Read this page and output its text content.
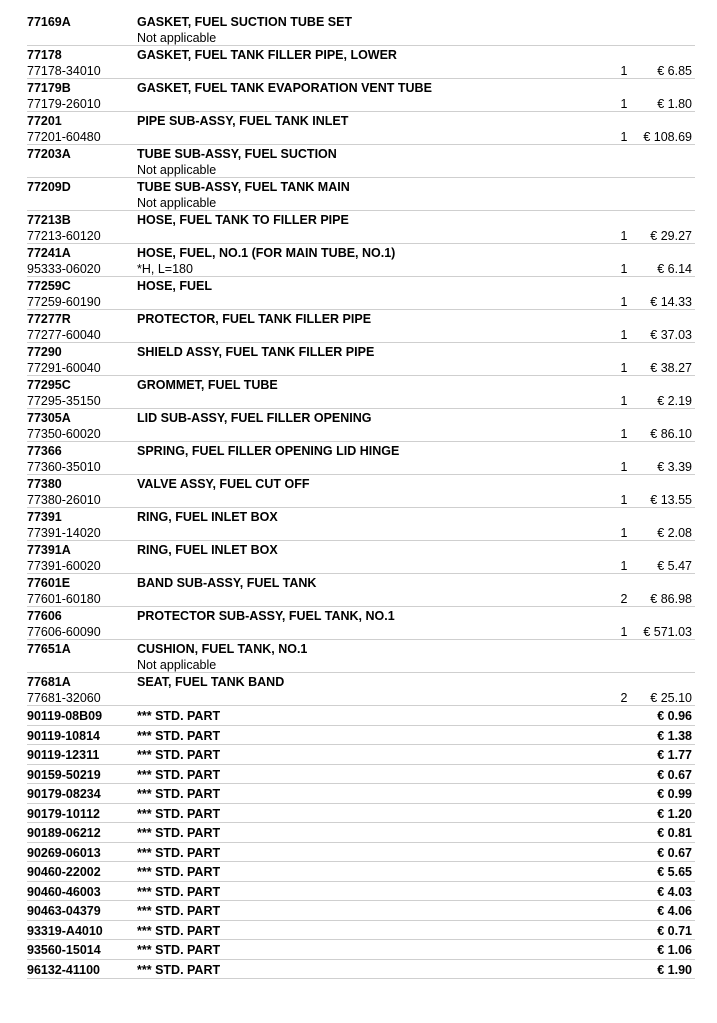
77169A	GASKET, FUEL SUCTION TUBE SET
Not applicable
77178	GASKET, FUEL TANK FILLER PIPE, LOWER
77178-34010	1 € 6.85
77179B	GASKET, FUEL TANK EVAPORATION VENT TUBE
77179-26010	1 € 1.80
77201	PIPE SUB-ASSY, FUEL TANK INLET
77201-60480	1 € 108.69
77203A	TUBE SUB-ASSY, FUEL SUCTION
Not applicable
77209D	TUBE SUB-ASSY, FUEL TANK MAIN
Not applicable
77213B	HOSE, FUEL TANK TO FILLER PIPE
77213-60120	1 € 29.27
77241A	HOSE, FUEL, NO.1 (FOR MAIN TUBE, NO.1)
95333-06020	*H, L=180	1 € 6.14
77259C	HOSE, FUEL
77259-60190	1 € 14.33
77277R	PROTECTOR, FUEL TANK FILLER PIPE
77277-60040	1 € 37.03
77290	SHIELD ASSY, FUEL TANK FILLER PIPE
77291-60040	1 € 38.27
77295C	GROMMET, FUEL TUBE
77295-35150	1 € 2.19
77305A	LID SUB-ASSY, FUEL FILLER OPENING
77350-60020	1 € 86.10
77366	SPRING, FUEL FILLER OPENING LID HINGE
77360-35010	1 € 3.39
77380	VALVE ASSY, FUEL CUT OFF
77380-26010	1 € 13.55
77391	RING, FUEL INLET BOX
77391-14020	1 € 2.08
77391A	RING, FUEL INLET BOX
77391-60020	1 € 5.47
77601E	BAND SUB-ASSY, FUEL TANK
77601-60180	2 € 86.98
77606	PROTECTOR SUB-ASSY, FUEL TANK, NO.1
77606-60090	1 € 571.03
77651A	CUSHION, FUEL TANK, NO.1
Not applicable
77681A	SEAT, FUEL TANK BAND
77681-32060	2 € 25.10
90119-08B09	*** STD. PART	€ 0.96
90119-10814	*** STD. PART	€ 1.38
90119-12311	*** STD. PART	€ 1.77
90159-50219	*** STD. PART	€ 0.67
90179-08234	*** STD. PART	€ 0.99
90179-10112	*** STD. PART	€ 1.20
90189-06212	*** STD. PART	€ 0.81
90269-06013	*** STD. PART	€ 0.67
90460-22002	*** STD. PART	€ 5.65
90460-46003	*** STD. PART	€ 4.03
90463-04379	*** STD. PART	€ 4.06
93319-A4010	*** STD. PART	€ 0.71
93560-15014	*** STD. PART	€ 1.06
96132-41100	*** STD. PART	€ 1.90
